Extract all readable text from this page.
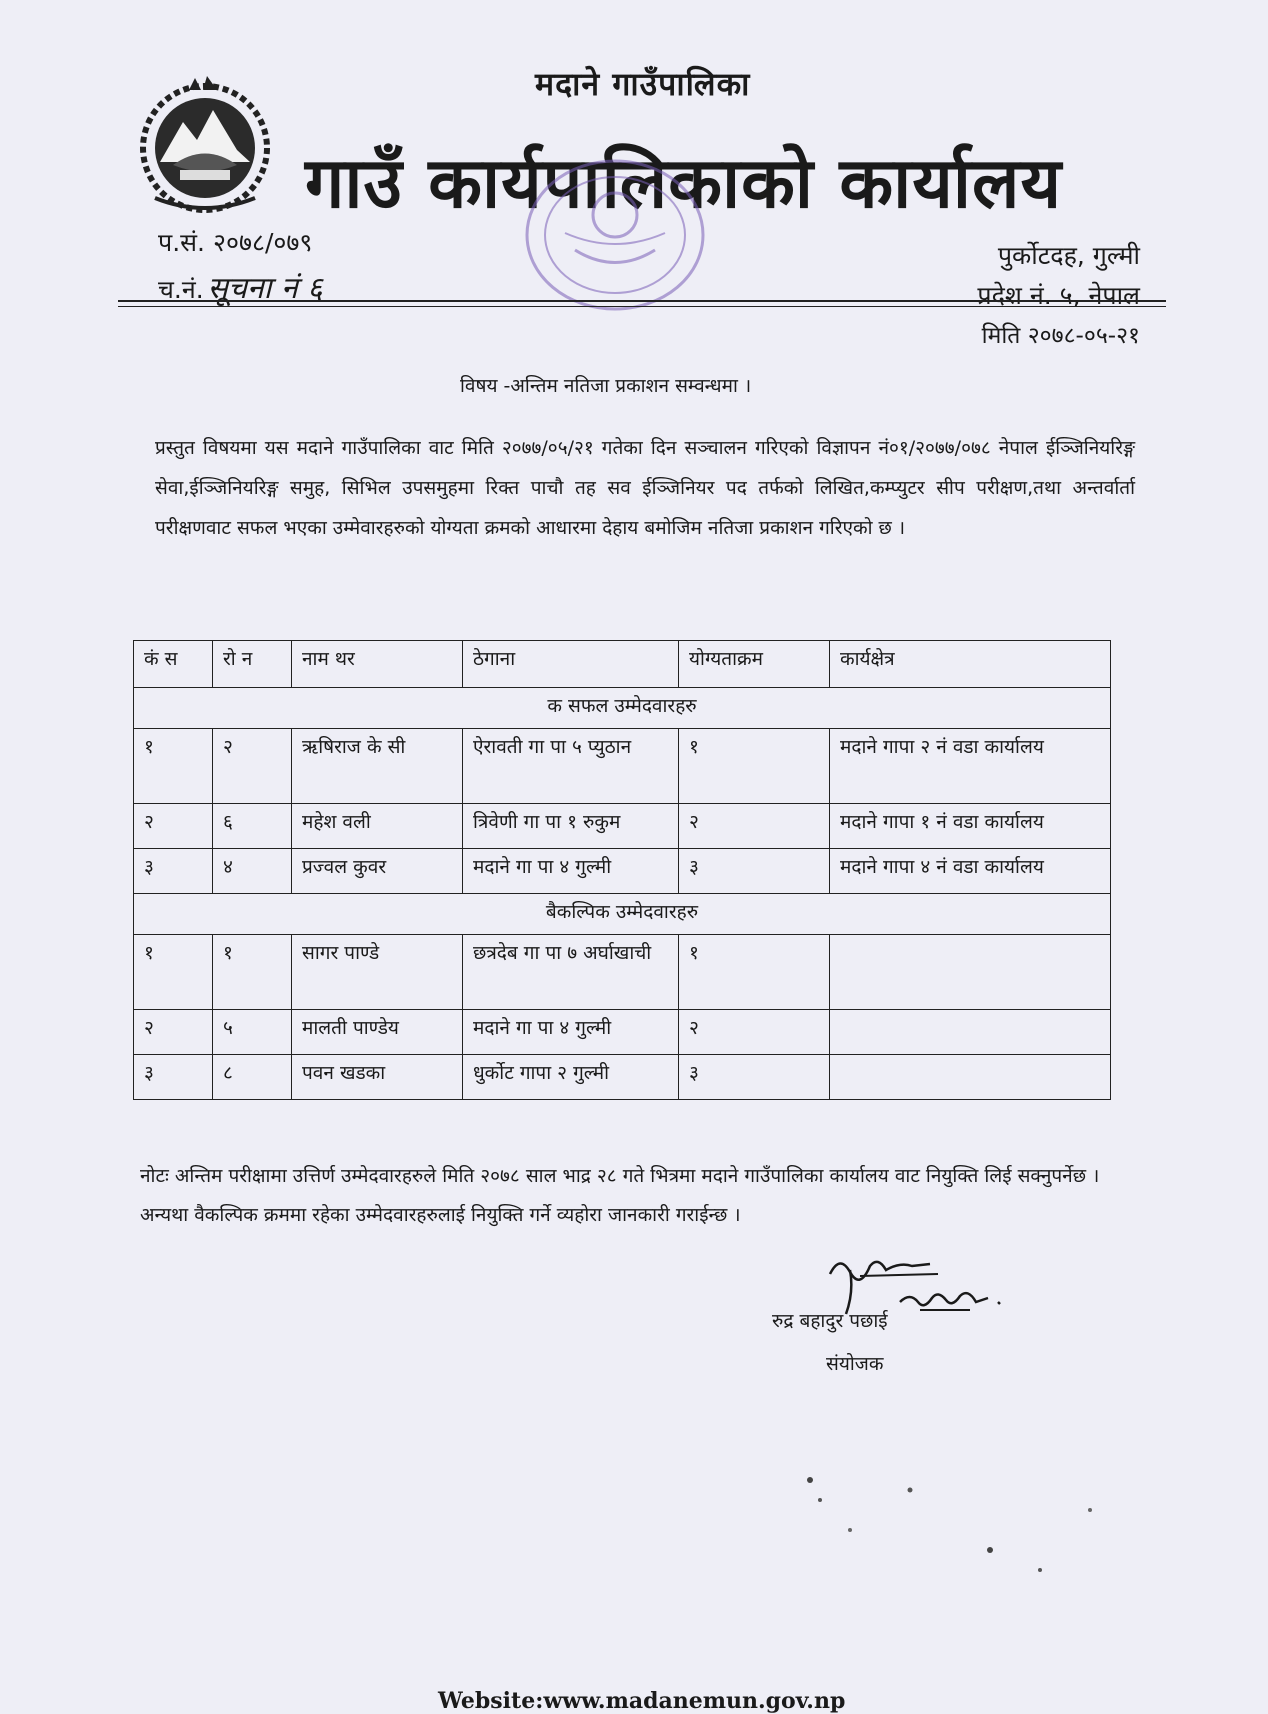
मदाने गाउँपालिका
गाउँ कार्यपालिकाको कार्यालय
प.सं. २०७८/०७९
च.नं. सूचना नं ६
पुर्कोटदह, गुल्मी
प्रदेश नं. ५, नेपाल
मिति २०७८-०५-२१
विषय -अन्तिम नतिजा प्रकाशन सम्वन्धमा ।
प्रस्तुत विषयमा यस मदाने गाउँपालिका वाट मिति २०७७/०५/२१ गतेका दिन सञ्चालन गरिएको विज्ञापन नं०१/२०७७/०७८ नेपाल ईञ्जिनियरिङ्ग सेवा,ईञ्जिनियरिङ्ग समुह, सिभिल उपसमुहमा रिक्त पाचौ तह सव ईञ्जिनियर पद तर्फको लिखित,कम्प्युटर सीप परीक्षण,तथा अन्तर्वार्ता परीक्षणवाट सफल भएका उम्मेवारहरुको योग्यता क्रमको आधारमा देहाय बमोजिम नतिजा प्रकाशन गरिएको छ ।
कं स	रो न	नाम थर	ठेगाना	योग्यताक्रम	कार्यक्षेत्र
क सफल उम्मेदवारहरु					
१	२	ऋषिराज के सी	ऐरावती गा पा ५ प्युठान	१	मदाने गापा २ नं वडा कार्यालय
२	६	महेश वली	त्रिवेणी गा पा १ रुकुम	२	मदाने गापा १ नं वडा कार्यालय
३	४	प्रज्वल कुवर	मदाने गा पा ४ गुल्मी	३	मदाने गापा ४ नं वडा कार्यालय
बैकल्पिक उम्मेदवारहरु					
१	१	सागर पाण्डे	छत्रदेब गा पा ७ अर्घाखाची	१	
२	५	मालती पाण्डेय	मदाने गा पा ४ गुल्मी	२	
३	८	पवन खडका	धुर्कोट गापा २ गुल्मी	३	
नोटः अन्तिम परीक्षामा उत्तिर्ण उम्मेदवारहरुले मिति २०७८ साल भाद्र २८ गते भित्रमा मदाने गाउँपालिका कार्यालय वाट नियुक्ति लिई सक्नुपर्नेछ । अन्यथा वैकल्पिक क्रममा रहेका उम्मेदवारहरुलाई नियुक्ति गर्ने व्यहोरा जानकारी गराईन्छ ।
रुद्र बहादुर पछाई
संयोजक
Website:www.madanemun.gov.np
